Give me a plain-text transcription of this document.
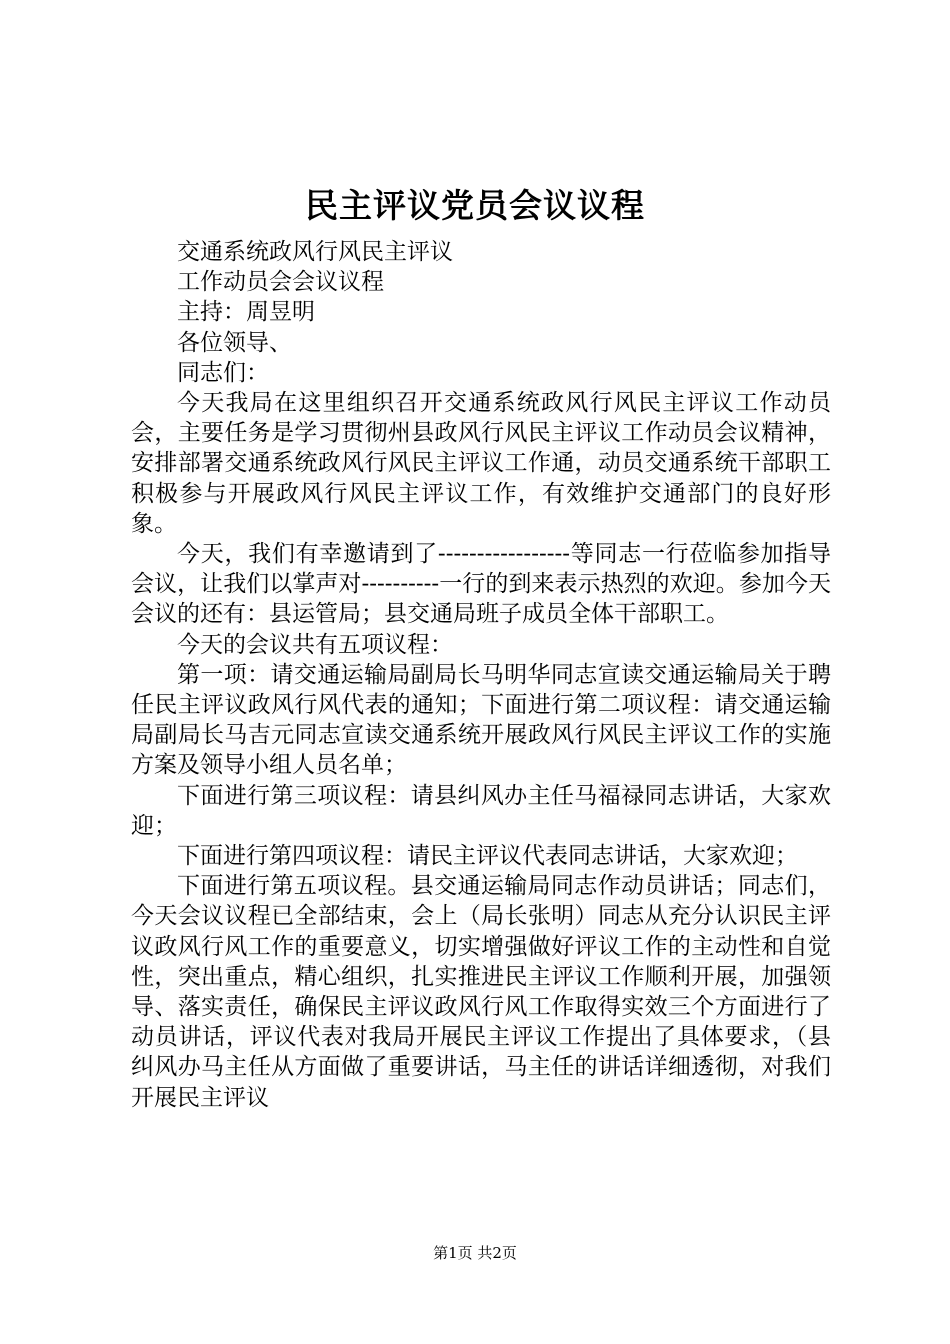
民主评议党员会议议程

交通系统政风行风民主评议

工作动员会会议议程

主持：周昱明

各位领导、

同志们：

今天我局在这里组织召开交通系统政风行风民主评议工作动员会，主要任务是学习贯彻州县政风行风民主评议工作动员会议精神，安排部署交通系统政风行风民主评议工作通，动员交通系统干部职工积极参与开展政风行风民主评议工作，有效维护交通部门的良好形象。

今天，我们有幸邀请到了-----------------等同志一行莅临参加指导会议，让我们以掌声对----------一行的到来表示热烈的欢迎。参加今天会议的还有：县运管局；县交通局班子成员全体干部职工。

今天的会议共有五项议程：

第一项：请交通运输局副局长马明华同志宣读交通运输局关于聘任民主评议政风行风代表的通知；下面进行第二项议程：请交通运输局副局长马吉元同志宣读交通系统开展政风行风民主评议工作的实施方案及领导小组人员名单；

下面进行第三项议程：请县纠风办主任马福禄同志讲话，大家欢迎；

下面进行第四项议程：请民主评议代表同志讲话，大家欢迎；

下面进行第五项议程。县交通运输局同志作动员讲话；同志们，今天会议议程已全部结束，会上（局长张明）同志从充分认识民主评议政风行风工作的重要意义，切实增强做好评议工作的主动性和自觉性，突出重点，精心组织，扎实推进民主评议工作顺利开展，加强领导、落实责任，确保民主评议政风行风工作取得实效三个方面进行了动员讲话，评议代表对我局开展民主评议工作提出了具体要求，（县纠风办马主任从方面做了重要讲话，马主任的讲话详细透彻，对我们开展民主评议

第1页 共2页
